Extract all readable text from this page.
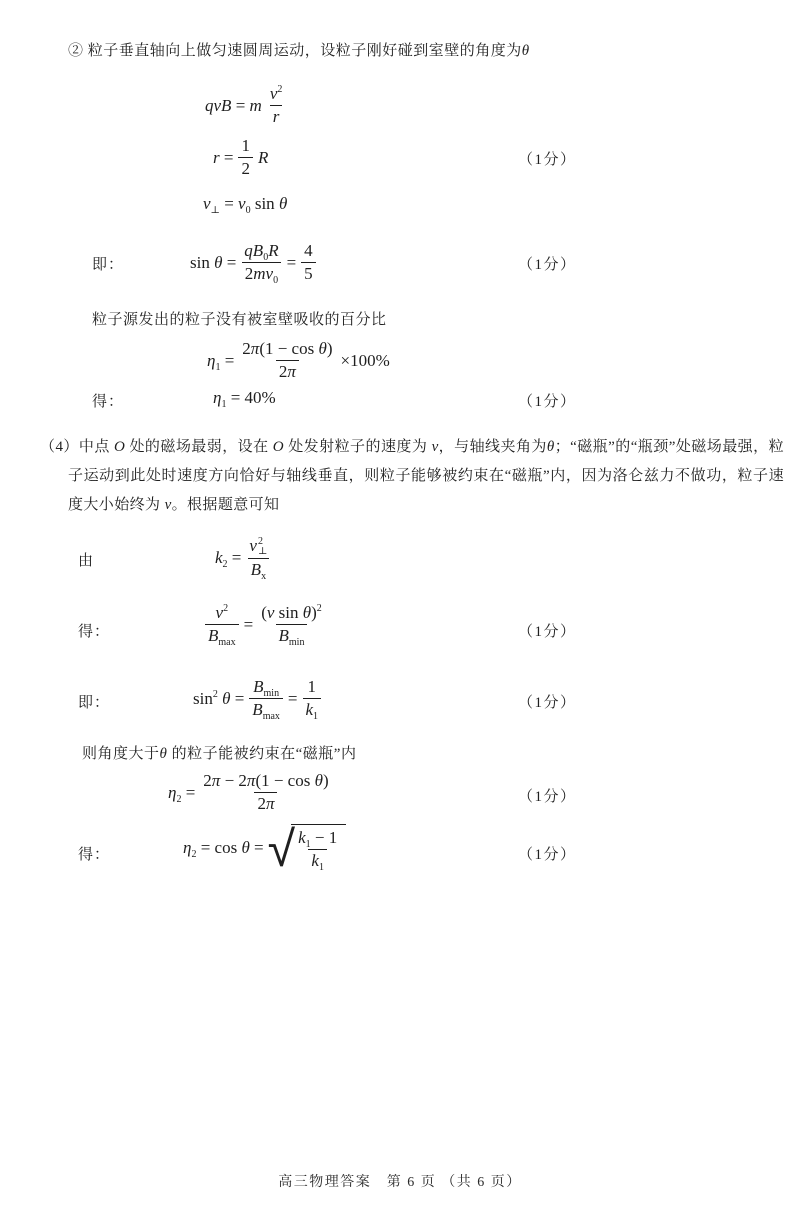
② 粒子垂直轴向上做匀速圆周运动，设粒子刚好碰到室壁的角度为θ
qvB = m $\frac{v^2}{r}$
$r = \frac{1}{2}$ R	（1分）
$v_\perp = v_0$ sin θ
即：	$\sin \theta = \frac{qB_0R}{2mv_0} = \frac{4}{5}$	（1分）
粒子源发出的粒子没有被室壁吸收的百分比
$\eta_1 = \frac{\text{2π(1 − cos θ)}}{2\pi} \times 100\%$
得：	$\eta_1 = 40\%$	（1分）
（4）中点 O 处的磁场最弱，设在 O 处发射粒子的速度为 v，与轴线夹角为θ；“磁瓶”的“瓶颈”处磁场最强，粒子运动到此处时速度方向恰好与轴线垂直，则粒子能够被约束在“磁瓶”内，因为洛仑兹力不做功，粒子速度大小始终为 v。根据题意可知
由	$k_2 = v$ 2
⊥
$B_x$
得：	$\frac{v^2}{B_{max}} = \frac{(v \sin \theta)^2}{B_{min}}$	（1分）
即：	$\sin^2 \theta = \frac{B_{min}}{B_{max}} = \frac{1}{k_1}$	（1分）
则角度大于θ 的粒子能被约束在“磁瓶”内
$\eta_2 = \frac{\text{2π − 2π(1 − cos θ)}}{2\pi}$	（1分）
得：	$\eta_2 = \cos \theta$ = √ $\frac{k_1 - 1}{k_1}$	（1分）
高三物理答案　第 6 页 （共 6 页）
